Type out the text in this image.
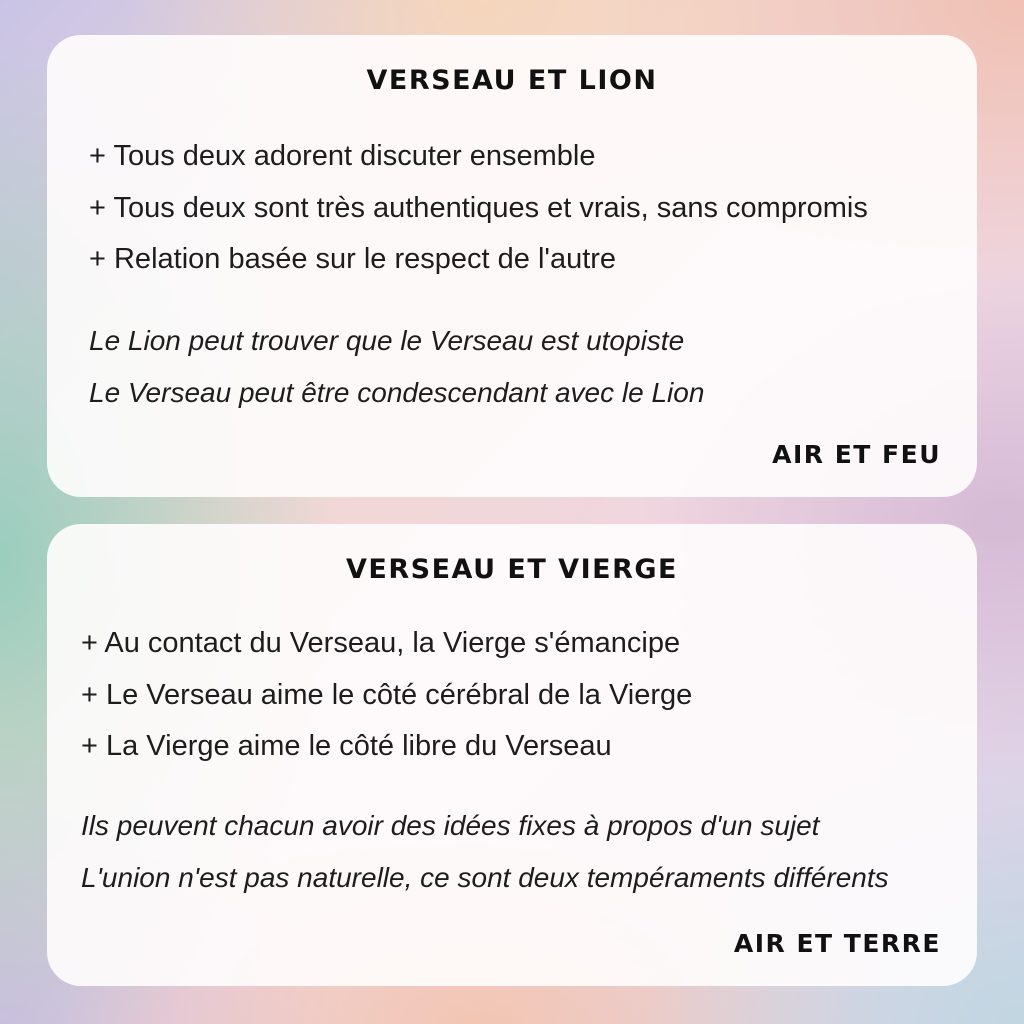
VERSEAU ET LION
+ Tous deux adorent discuter ensemble
+ Tous deux sont très authentiques et vrais, sans compromis
+ Relation basée sur le respect de l'autre
Le Lion peut trouver que le Verseau est utopiste
Le Verseau peut être condescendant avec le Lion
AIR ET FEU
VERSEAU ET VIERGE
+ Au contact du Verseau, la Vierge s'émancipe
+ Le Verseau aime le côté cérébral de la Vierge
+ La Vierge aime le côté libre du Verseau
Ils peuvent chacun avoir des idées fixes à propos d'un sujet
L'union n'est pas naturelle, ce sont deux tempéraments différents
AIR ET TERRE
